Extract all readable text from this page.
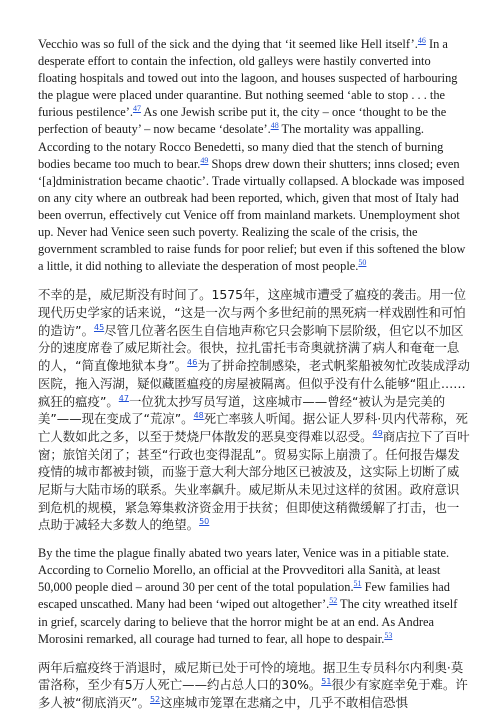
Vecchio was so full of the sick and the dying that ‘it seemed like Hell itself’.$^{46}$ In a desperate effort to contain the infection, old galleys were hastily converted into floating hospitals and towed out into the lagoon, and houses suspected of harbouring the plague were placed under quarantine. But nothing seemed ‘able to stop . . . the furious pestilence’.$^{47}$ As one Jewish scribe put it, the city – once ‘thought to be the perfection of beauty’ – now became ‘desolate’.$^{48}$ The mortality was appalling. According to the notary Rocco Benedetti, so many died that the stench of burning bodies became too much to bear.$^{49}$ Shops drew down their shutters; inns closed; even ‘[a]dministration became chaotic’. Trade virtually collapsed. A blockade was imposed on any city where an outbreak had been reported, which, given that most of Italy had been overrun, effectively cut Venice off from mainland markets. Unemployment shot up. Never had Venice seen such poverty. Realizing the scale of the crisis, the government scrambled to raise funds for poor relief; but even if this softened the blow a little, it did nothing to alleviate the desperation of most people.$^{50}$

不幸的是，威尼斯没有时间了。1575年，这座城市遭受了瘟疫的袭击。用一位现代历史学家的话来说，“这是一次与两个多世纪前的黑死病一样戏剧性和可怕的造访”。$^{45}$尽管几位著名医生自信地声称它只会影响下层阶级，但它以不加区分的速度席卷了威尼斯社会。很快，拉扎雷托韦奇奥就挤满了病人和奄奄一息的人，“简直像地狱本身”。$^{46}$为了拼命控制感染，老式帆桨船被匆忙改装成浮动医院，拖入泻湖，疑似藏匿瘟疫的房屋被隔离。但似乎没有什么能够“阻止……疯狂的瘟疫”。$^{47}$一位犹太抄写员写道，这座城市——曾经“被认为是完美的美”——现在变成了“荒凉”。$^{48}$死亡率骇人听闻。据公证人罗科·贝内代蒂称，死亡人数如此之多，以至于焚烧尸体散发的恶臭变得难以忍受。$^{49}$商店拉下了百叶窗；旅馆关闭了；甚至“行政也变得混乱”。贸易实际上崩溃了。任何报告爆发疫情的城市都被封锁，而鉴于意大利大部分地区已被波及，这实际上切断了威尼斯与大陆市场的联系。失业率飙升。威尼斯从未见过这样的贫困。政府意识到危机的规模，紧急筹集救济资金用于扶贫；但即使这稍微缓解了打击，也一点助于减轻大多数人的绝望。$^{50}$

By the time the plague finally abated two years later, Venice was in a pitiable state. According to Cornelio Morello, an official at the Provveditori alla Sanità, at least 50,000 people died – around 30 per cent of the total population.$^{51}$ Few families had escaped unscathed. Many had been ‘wiped out altogether’.$^{52}$ The city wreathed itself in grief, scarcely daring to believe that the horror might be at an end. As Andrea Morosini remarked, all courage had turned to fear, all hope to despair.$^{53}$

两年后瘟疫终于消退时，威尼斯已处于可怜的境地。据卫生专员科尔内利奥·莫雷洛称，至少有5万人死亡——约占总人口的30%。$^{51}$很少有家庭幸免于难。许多人被“彻底消灭”。$^{52}$这座城市笼罩在悲痛之中，几乎不敢相信恐惧
